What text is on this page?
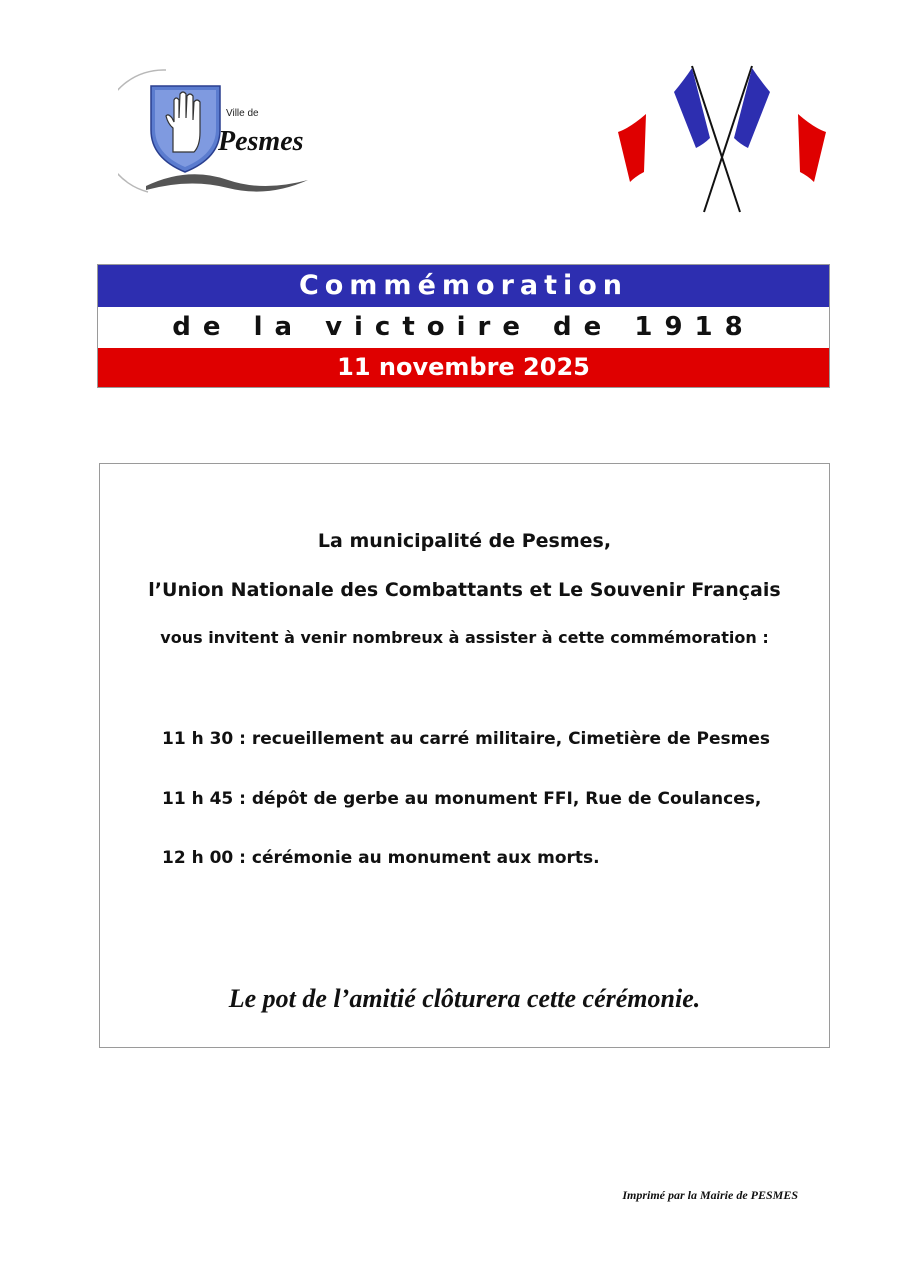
Ville de
Pesmes
Commémoration
de la victoire de 1918
11 novembre 2025
La municipalité de Pesmes,
l’Union Nationale des Combattants et Le Souvenir Français
vous invitent à venir nombreux à assister à cette commémoration :
11 h 30 : recueillement au carré militaire, Cimetière de Pesmes
11 h 45 : dépôt de gerbe au monument FFI, Rue de Coulances,
12 h 00 : cérémonie au monument aux morts.
Le pot de l’amitié clôturera cette cérémonie.
Imprimé par la Mairie de PESMES
